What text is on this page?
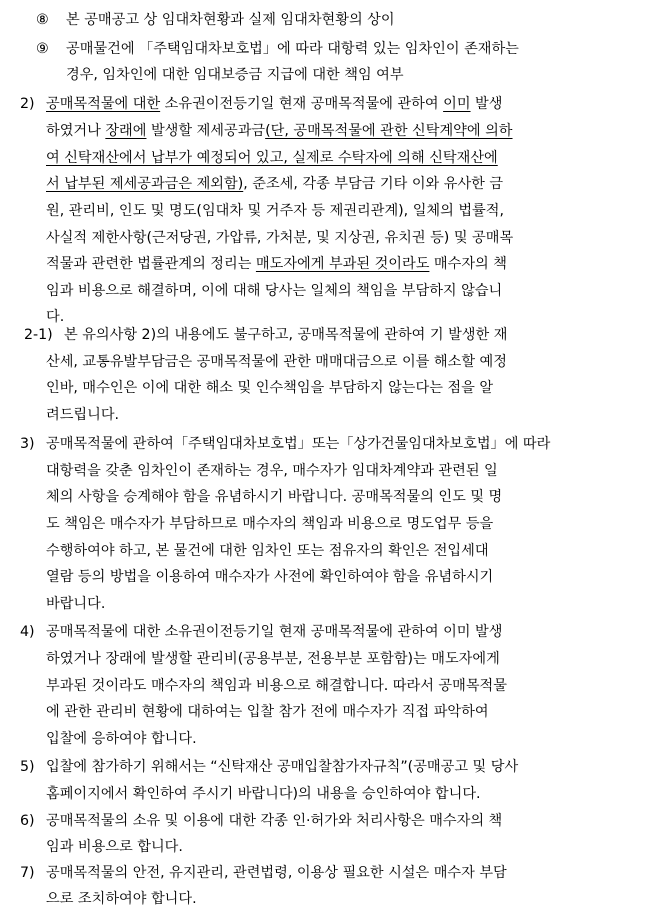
⑧ 본 공매공고 상 임대차현황과 실제 임대차현황의 상이
⑨ 공매물건에 「주택임대차보호법」에 따라 대항력 있는 임차인이 존재하는
경우, 임차인에 대한 임대보증금 지급에 대한 책임 여부
2) 공매목적물에 대한 소유권이전등기일 현재 공매목적물에 관하여 이미 발생
하였거나 장래에 발생할 제세공과금(단, 공매목적물에 관한 신탁계약에 의하
여 신탁재산에서 납부가 예정되어 있고, 실제로 수탁자에 의해 신탁재산에
서 납부된 제세공과금은 제외함), 준조세, 각종 부담금 기타 이와 유사한 금
원, 관리비, 인도 및 명도(임대차 및 거주자 등 제권리관계), 일체의 법률적,
사실적 제한사항(근저당권, 가압류, 가처분, 및 지상권, 유치권 등) 및 공매목
적물과 관련한 법률관계의 정리는 매도자에게 부과된 것이라도 매수자의 책
임과 비용으로 해결하며, 이에 대해 당사는 일체의 책임을 부담하지 않습니
다.
2-1) 본 유의사항 2)의 내용에도 불구하고, 공매목적물에 관하여 기 발생한 재
산세, 교통유발부담금은 공매목적물에 관한 매매대금으로 이를 해소할 예정
인바, 매수인은 이에 대한 해소 및 인수책임을 부담하지 않는다는 점을 알
려드립니다.
3) 공매목적물에 관하여「주택임대차보호법」또는「상가건물임대차보호법」에 따라
대항력을 갖춘 임차인이 존재하는 경우, 매수자가 임대차계약과 관련된 일
체의 사항을 승계해야 함을 유념하시기 바랍니다. 공매목적물의 인도 및 명
도 책임은 매수자가 부담하므로 매수자의 책임과 비용으로 명도업무 등을
수행하여야 하고, 본 물건에 대한 임차인 또는 점유자의 확인은 전입세대
열람 등의 방법을 이용하여 매수자가 사전에 확인하여야 함을 유념하시기
바랍니다.
4) 공매목적물에 대한 소유권이전등기일 현재 공매목적물에 관하여 이미 발생
하였거나 장래에 발생할 관리비(공용부분, 전용부분 포함함)는 매도자에게
부과된 것이라도 매수자의 책임과 비용으로 해결합니다. 따라서 공매목적물
에 관한 관리비 현황에 대하여는 입찰 참가 전에 매수자가 직접 파악하여
입찰에 응하여야 합니다.
5) 입찰에 참가하기 위해서는 “신탁재산 공매입찰참가자규칙”(공매공고 및 당사
홈페이지에서 확인하여 주시기 바랍니다)의 내용을 승인하여야 합니다.
6) 공매목적물의 소유 및 이용에 대한 각종 인·허가와 처리사항은 매수자의 책
임과 비용으로 합니다.
7) 공매목적물의 안전, 유지관리, 관련법령, 이용상 필요한 시설은 매수자 부담
으로 조치하여야 합니다.
